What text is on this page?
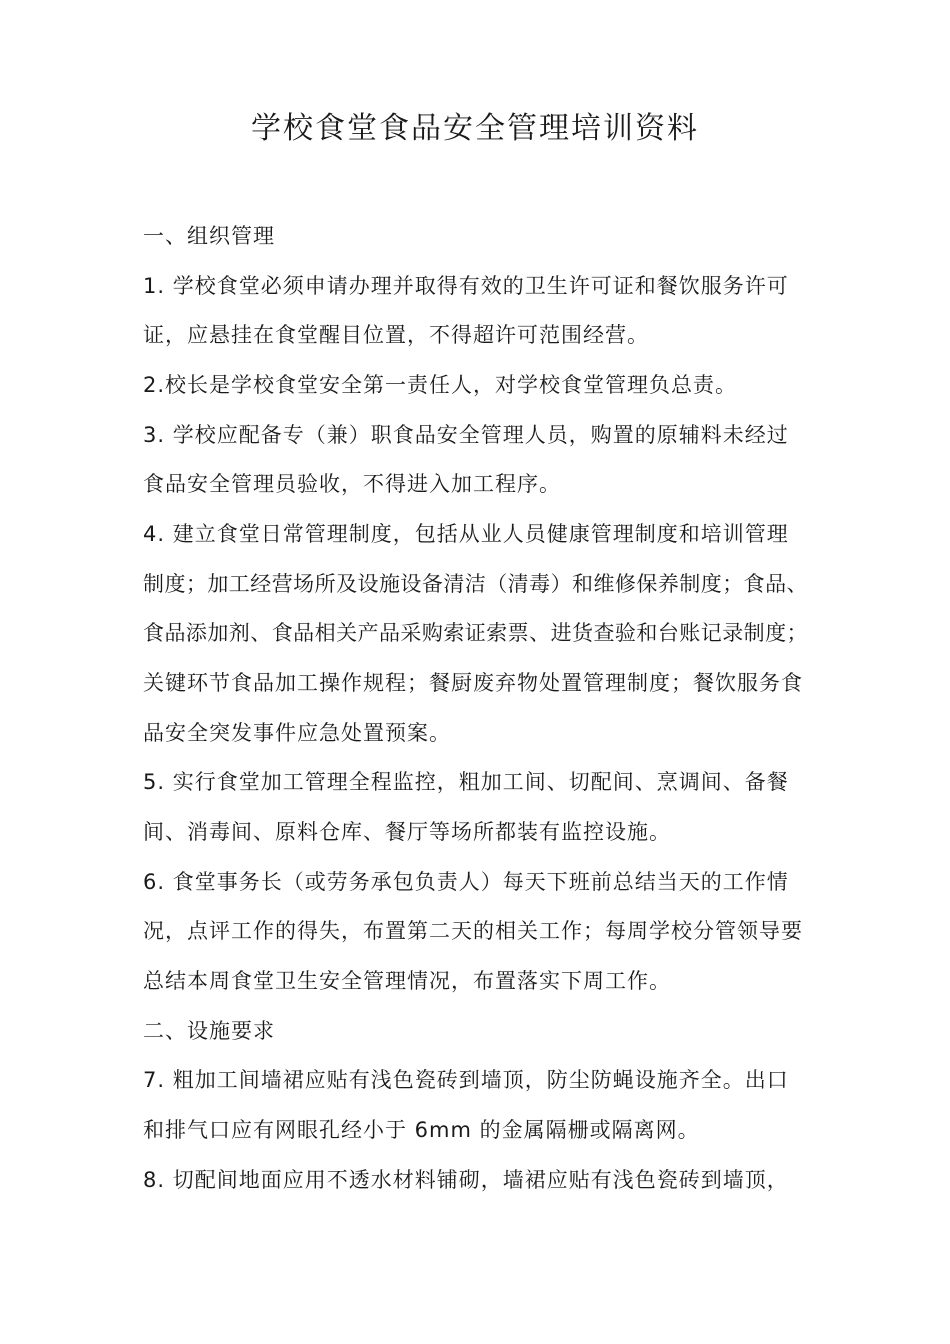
学校食堂食品安全管理培训资料
一、组织管理
1. 学校食堂必须申请办理并取得有效的卫生许可证和餐饮服务许可
证，应悬挂在食堂醒目位置，不得超许可范围经营。
2.校长是学校食堂安全第一责任人，对学校食堂管理负总责。
3. 学校应配备专（兼）职食品安全管理人员，购置的原辅料未经过
食品安全管理员验收，不得进入加工程序。
4. 建立食堂日常管理制度，包括从业人员健康管理制度和培训管理
制度；加工经营场所及设施设备清洁（清毒）和维修保养制度；食品、
食品添加剂、食品相关产品采购索证索票、进货查验和台账记录制度；
关键环节食品加工操作规程；餐厨废弃物处置管理制度；餐饮服务食
品安全突发事件应急处置预案。
5. 实行食堂加工管理全程监控，粗加工间、切配间、烹调间、备餐
间、消毒间、原料仓库、餐厅等场所都装有监控设施。
6. 食堂事务长（或劳务承包负责人）每天下班前总结当天的工作情
况，点评工作的得失，布置第二天的相关工作；每周学校分管领导要
总结本周食堂卫生安全管理情况，布置落实下周工作。
二、设施要求
7. 粗加工间墙裙应贴有浅色瓷砖到墙顶，防尘防蝇设施齐全。出口
和排气口应有网眼孔经小于 6mm 的金属隔栅或隔离网。
8. 切配间地面应用不透水材料铺砌，墙裙应贴有浅色瓷砖到墙顶，
